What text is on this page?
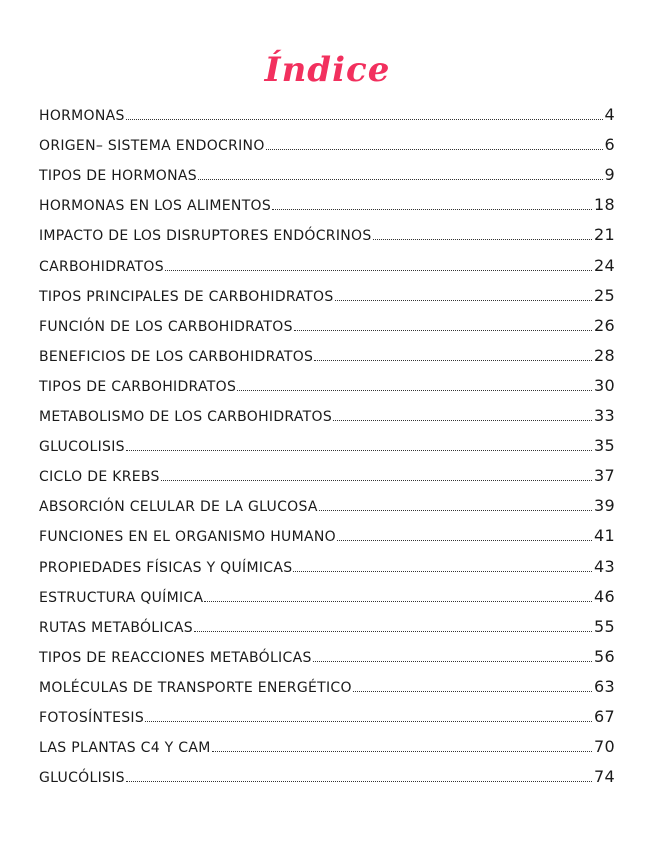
Índice
HORMONAS	4
ORIGEN– SISTEMA ENDOCRINO	6
TIPOS DE HORMONAS	9
HORMONAS EN LOS ALIMENTOS	18
IMPACTO DE LOS DISRUPTORES ENDÓCRINOS	21
CARBOHIDRATOS	24
TIPOS PRINCIPALES DE CARBOHIDRATOS	25
FUNCIÓN DE LOS CARBOHIDRATOS	26
BENEFICIOS DE LOS CARBOHIDRATOS	28
TIPOS DE CARBOHIDRATOS	30
METABOLISMO DE LOS CARBOHIDRATOS	33
GLUCOLISIS	35
CICLO DE KREBS	37
ABSORCIÓN CELULAR DE LA GLUCOSA	39
FUNCIONES EN EL ORGANISMO HUMANO	41
PROPIEDADES FÍSICAS Y QUÍMICAS	43
ESTRUCTURA QUÍMICA	46
RUTAS METABÓLICAS	55
TIPOS DE REACCIONES METABÓLICAS	56
MOLÉCULAS DE TRANSPORTE ENERGÉTICO	63
FOTOSÍNTESIS	67
LAS PLANTAS C4 Y CAM	70
GLUCÓLISIS	74
